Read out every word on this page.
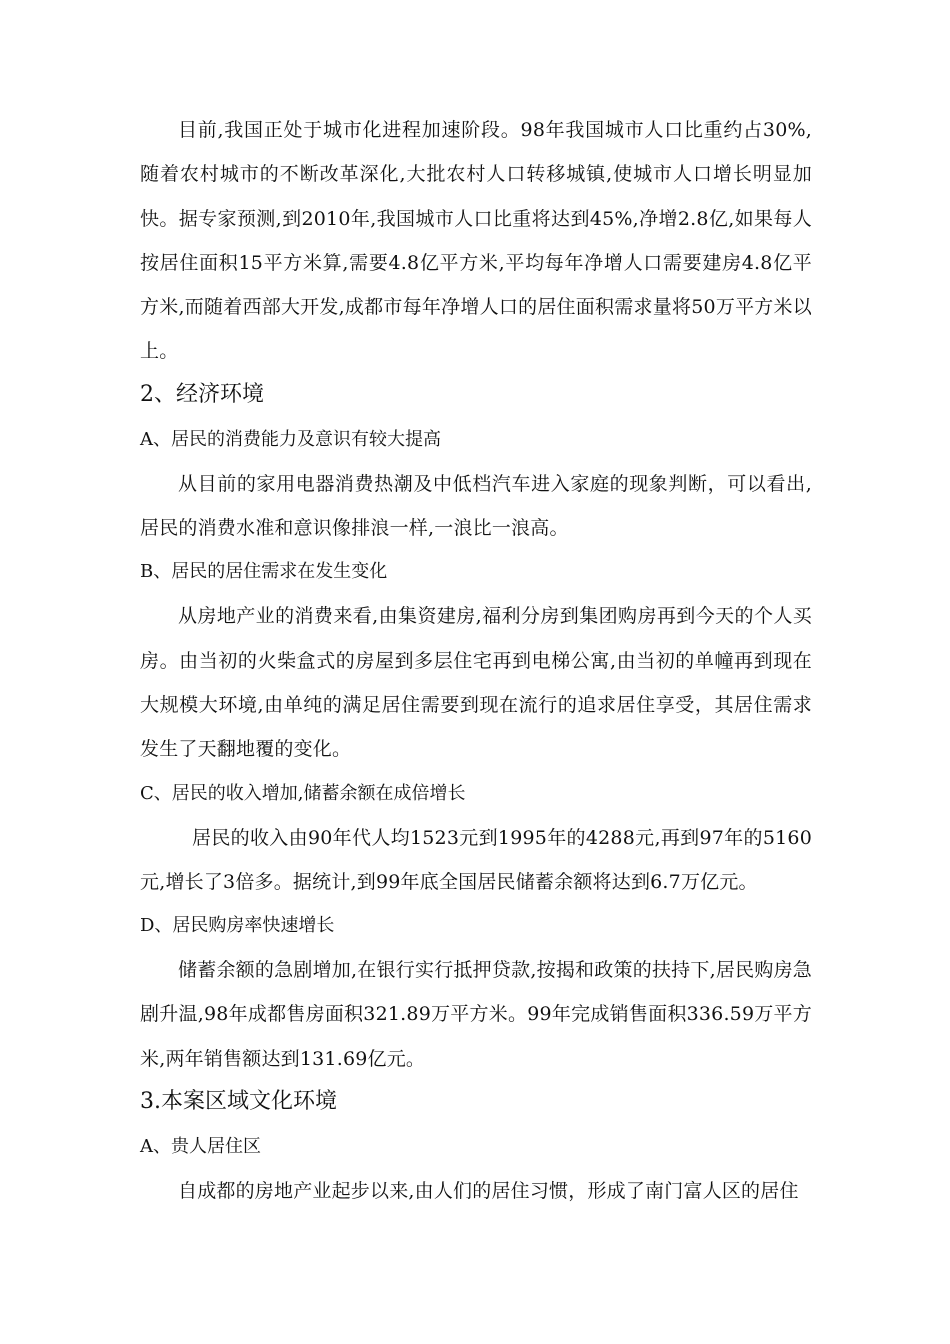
目前,我国正处于城市化进程加速阶段。98年我国城市人口比重约占30%,随着农村城市的不断改革深化,大批农村人口转移城镇,使城市人口增长明显加快。据专家预测,到2010年,我国城市人口比重将达到45%,净增2.8亿,如果每人按居住面积15平方米算,需要4.8亿平方米,平均每年净增人口需要建房4.8亿平方米,而随着西部大开发,成都市每年净增人口的居住面积需求量将50万平方米以上。

2、经济环境

A、居民的消费能力及意识有较大提高

从目前的家用电器消费热潮及中低档汽车进入家庭的现象判断，可以看出,居民的消费水准和意识像排浪一样,一浪比一浪高。

B、居民的居住需求在发生变化

从房地产业的消费来看,由集资建房,福利分房到集团购房再到今天的个人买房。由当初的火柴盒式的房屋到多层住宅再到电梯公寓,由当初的单幢再到现在大规模大环境,由单纯的满足居住需要到现在流行的追求居住享受，其居住需求发生了天翻地覆的变化。

C、居民的收入增加,储蓄余额在成倍增长

居民的收入由90年代人均1523元到1995年的4288元,再到97年的5160元,增长了3倍多。据统计,到99年底全国居民储蓄余额将达到6.7万亿元。

D、居民购房率快速增长

储蓄余额的急剧增加,在银行实行抵押贷款,按揭和政策的扶持下,居民购房急剧升温,98年成都售房面积321.89万平方米。99年完成销售面积336.59万平方米,两年销售额达到131.69亿元。

3.本案区域文化环境

A、贵人居住区

自成都的房地产业起步以来,由人们的居住习惯，形成了南门富人区的居住
